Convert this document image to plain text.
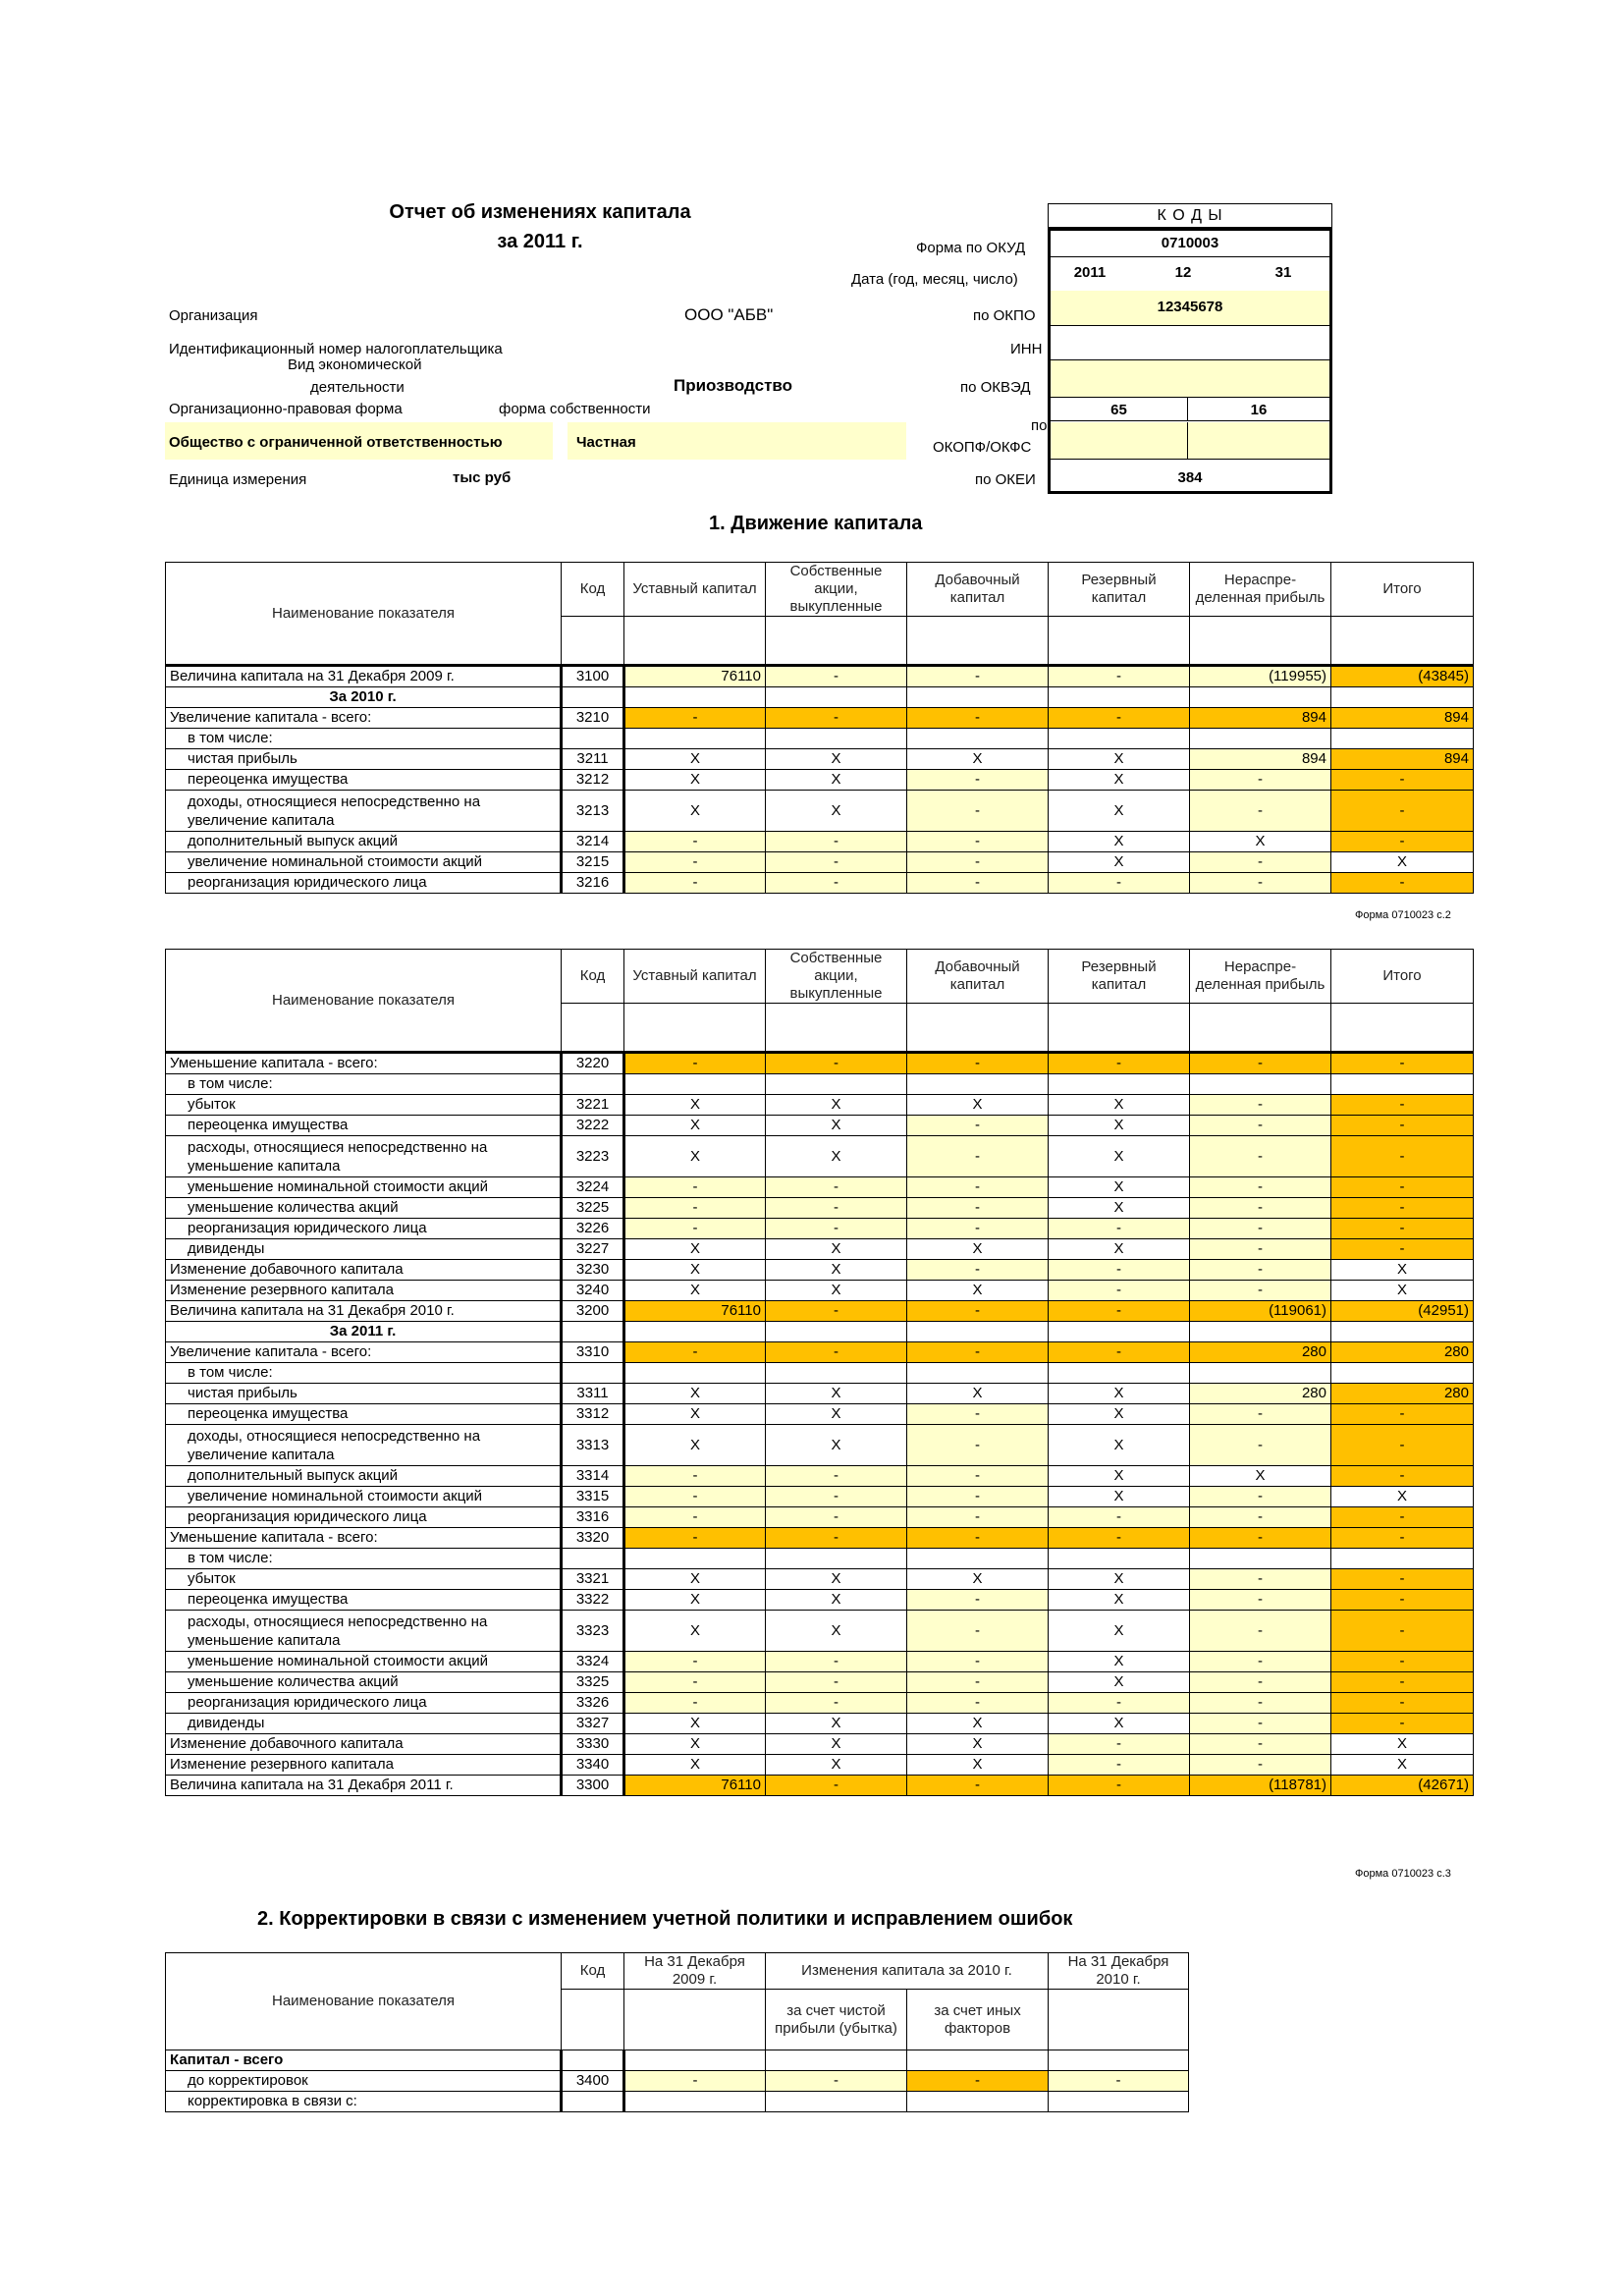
Отчет об изменениях капитала
за 2011 г.
К О Д Ы
Форма по ОКУД	0710003
Дата (год, месяц, число)	2011	12	31
Организация	ООО "АБВ"	по ОКПО
12345678
Идентификационный номер налогоплательщика	ИНН
Вид экономической
деятельности	Приозводство	по ОКВЭД
Организационно-правовая форма	форма собственности	65	16
Общество с ограниченной ответственностью	Частная
по
ОКОПФ/ОКФС
Единица измерения	тыс руб	по ОКЕИ	384
1. Движение капитала
Наименование показателя	Код	Уставный капитал	Собственные акции, выкупленные	Добавочный капитал	Резервный капитал	Нераспре-деленная прибыль	Итого

Величина капитала на 31 Декабря 2009 г.	3100	76110	-	-	-	(119955)	(43845)
За 2010 г.							
Увеличение капитала - всего:	3210	-	-	-	-	894	894
в том числе:							
чистая прибыль	3211	X	X	X	X	894	894
переоценка имущества	3212	X	X	-	X	-	-
доходы, относящиеся непосредственно на увеличение капитала	3213	X	X	-	X	-	-
дополнительный выпуск акций	3214	-	-	-	X	X	-
увеличение номинальной стоимости акций	3215	-	-	-	X	-	X
реорганизация юридического лица	3216	-	-	-	-	-	-
Форма 0710023 с.2
Наименование показателя	Код	Уставный капитал	Собственные акции, выкупленные	Добавочный капитал	Резервный капитал	Нераспре-деленная прибыль	Итого

Уменьшение капитала - всего:	3220	-	-	-	-	-	-
в том числе:							
убыток	3221	X	X	X	X	-	-
переоценка имущества	3222	X	X	-	X	-	-
расходы, относящиеся непосредственно на уменьшение капитала	3223	X	X	-	X	-	-
уменьшение номинальной стоимости акций	3224	-	-	-	X	-	-
уменьшение количества акций	3225	-	-	-	X	-	-
реорганизация юридического лица	3226	-	-	-	-	-	-
дивиденды	3227	X	X	X	X	-	-
Изменение добавочного капитала	3230	X	X	-	-	-	X
Изменение резервного капитала	3240	X	X	X	-	-	X
Величина капитала на 31 Декабря 2010 г.	3200	76110	-	-	-	(119061)	(42951)
За 2011 г.							
Увеличение капитала - всего:	3310	-	-	-	-	280	280
в том числе:							
чистая прибыль	3311	X	X	X	X	280	280
переоценка имущества	3312	X	X	-	X	-	-
доходы, относящиеся непосредственно на увеличение капитала	3313	X	X	-	X	-	-
дополнительный выпуск акций	3314	-	-	-	X	X	-
увеличение номинальной стоимости акций	3315	-	-	-	X	-	X
реорганизация юридического лица	3316	-	-	-	-	-	-
Уменьшение капитала - всего:	3320	-	-	-	-	-	-
в том числе:							
убыток	3321	X	X	X	X	-	-
переоценка имущества	3322	X	X	-	X	-	-
расходы, относящиеся непосредственно на уменьшение капитала	3323	X	X	-	X	-	-
уменьшение номинальной стоимости акций	3324	-	-	-	X	-	-
уменьшение количества акций	3325	-	-	-	X	-	-
реорганизация юридического лица	3326	-	-	-	-	-	-
дивиденды	3327	X	X	X	X	-	-
Изменение добавочного капитала	3330	X	X	X	-	-	X
Изменение резервного капитала	3340	X	X	X	-	-	X
Величина капитала на 31 Декабря 2011 г.	3300	76110	-	-	-	(118781)	(42671)
Форма 0710023 с.3
2. Корректировки в связи с изменением учетной политики и исправлением ошибок
Наименование показателя	Код	На 31 Декабря 2009 г.	Изменения капитала за 2010 г.		На 31 Декабря 2010 г.
			за счет чистой прибыли (убытка)	за счет иных факторов	
Капитал - всего					
до корректировок	3400	-	-	-	-
корректировка в связи с:					
